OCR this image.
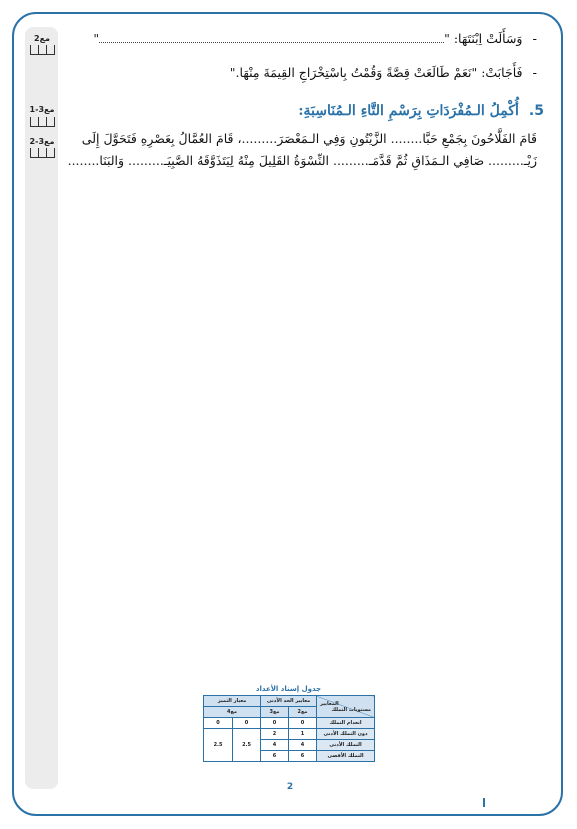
مع2
مع3-1
مع3-2
-وَسَأَلَتْ اِبْنَتَهَا: ""
-فَأَجَابَتْ: "نَعَمْ طَالَعَتْ قِصَّةً وَقُمْتُ بِاسْتِخْرَاجِ القِيمَةَ مِنْهَا."
5.أُكْمِلُ الـمُفْرَدَاتِ بِرَسْمِ التَّاءِ الـمُنَاسِبَةِ:
قَامَ الفَلَّاحُونَ بِجَمْعِ حَبَّا........ الزَّيْتُونِ وَفِي الـمَعْصَرَ.........، قَامَ العُمَّالُ بِعَصْرِهِ فَتَحَوَّلَ إِلَى زَيْـ......... صَافِي الـمَذَاقِ ثُمَّ قَدَّمَـ......... النِّسْوَةُ القَلِيلَ مِنْهُ لِيَتَذَوَّقَهُ الصَّبِيَـ......... وَالبَنَا........
جدول إسناد الأعداد
المعايير
مستويات التملك	معايير الحد الأدنى		معيار التميز	
	مع2	مع3	مع4	
انعدام التملك	0	0	0	0
دون التملك الأدنى	1	2	2.5	2.5
التملك الأدنى	4	4		
التملك الأقصى	6	6		
2
